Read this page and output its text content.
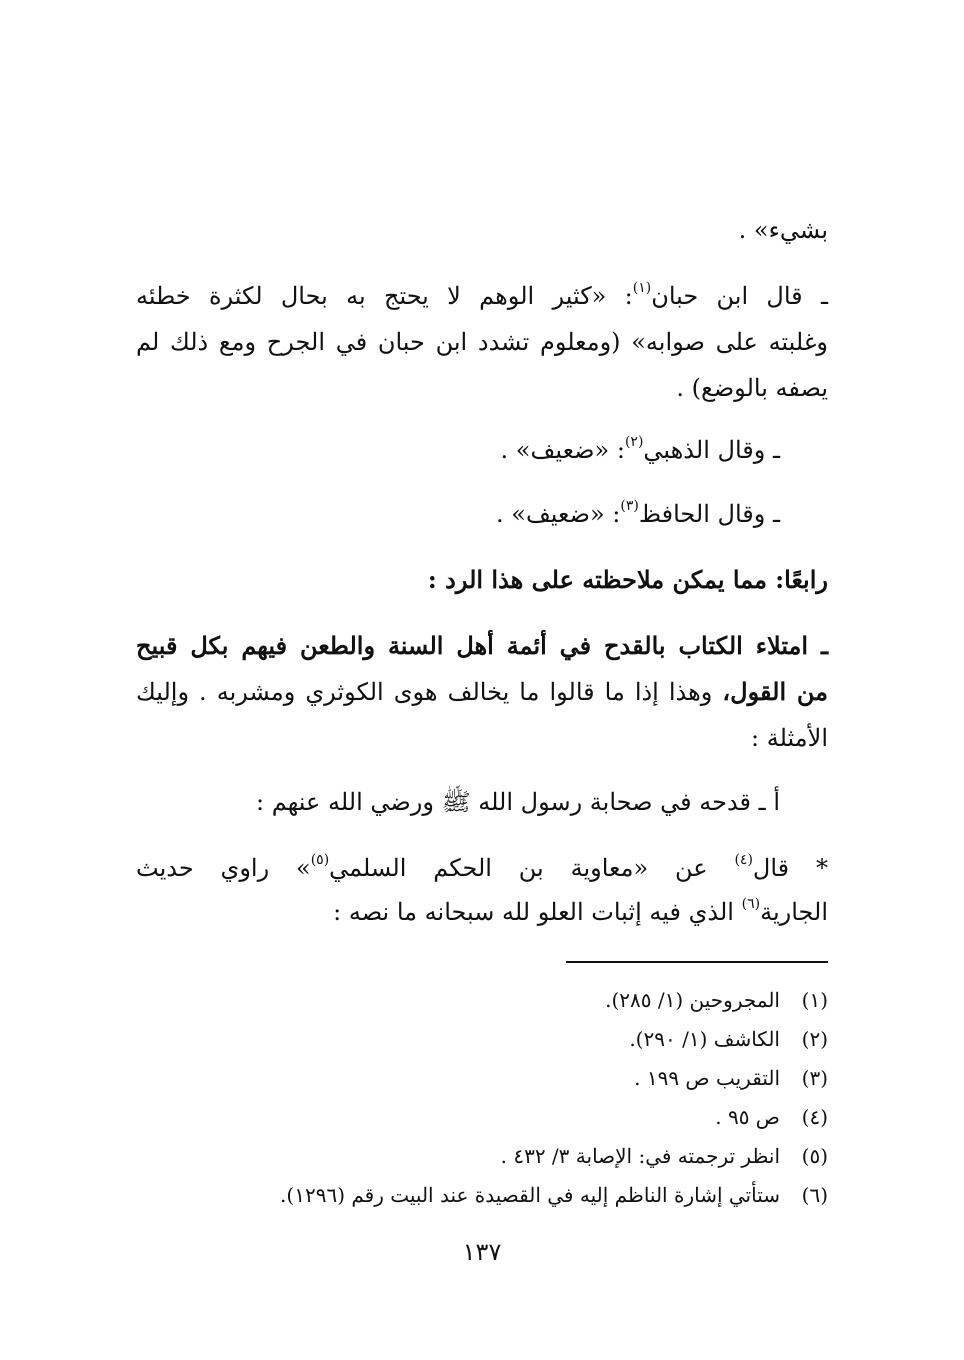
بشيء» .
ـ قال ابن حبان$^{(١)}$: «كثير الوهم لا يحتج به بحال لكثرة خطئه
وغلبته على صوابه» (ومعلوم تشدد ابن حبان في الجرح ومع ذلك لم
يصفه بالوضع) .
ـ وقال الذهبي$^{(٢)}$: «ضعيف» .
ـ وقال الحافظ$^{(٣)}$: «ضعيف» .
رابعًا: مما يمكن ملاحظته على هذا الرد :
ـ امتلاء الكتاب بالقدح في أئمة أهل السنة والطعن فيهم بكل قبيح
من القول، وهذا إذا ما قالوا ما يخالف هوى الكوثري ومشربه . وإليك
الأمثلة :
أ ـ قدحه في صحابة رسول الله ﷺ ورضي الله عنهم :
* قال$^{(٤)}$ عن «معاوية بن الحكم السلمي$^{(٥)}$» راوي حديث
الجارية$^{(٦)}$ الذي فيه إثبات العلو لله سبحانه ما نصه :
(١)المجروحين (١/ ٢٨٥).
(٢)الكاشف (١/ ٢٩٠).
(٣)التقريب ص ١٩٩ .
(٤)ص ٩٥ .
(٥)انظر ترجمته في: الإصابة ٣/ ٤٣٢ .
(٦)ستأتي إشارة الناظم إليه في القصيدة عند البيت رقم (١٢٩٦).
١٣٧
